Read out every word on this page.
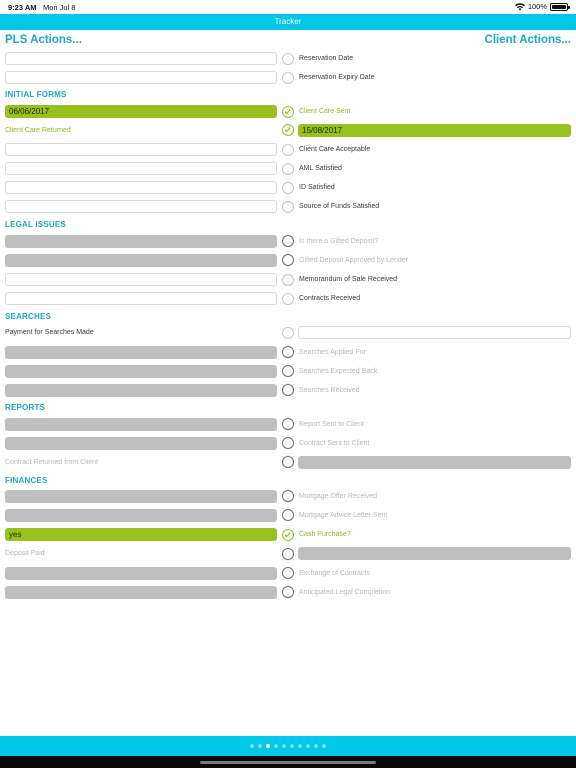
9:23 AM Mon Jul 8	100%
Tracker
PLS Actions...	Client Actions...
Reservation Date
Reservation Expiry Date
INITIAL FORMS
06/06/2017	Client Care Sent
Client Care Returned	15/08/2017
Client Care Acceptable
AML Satisfied
ID Satisfied
Source of Funds Satisfied
LEGAL ISSUES
Is there a Gifted Deposit?
Gifted Deposit Approved by Lender
Memorandum of Sale Received
Contracts Received
SEARCHES
Payment for Searches Made
Searches Applied For
Searches Expected Back
Searches Received
REPORTS
Report Sent to Client
Contract Sent to Client
Contract Returned from Client
FINANCES
Mortgage Offer Received
Mortgage Advice Letter Sent
yes	Cash Purchase?
Deposit Paid
Exchange of Contracts
Anticipated Legal Completion
